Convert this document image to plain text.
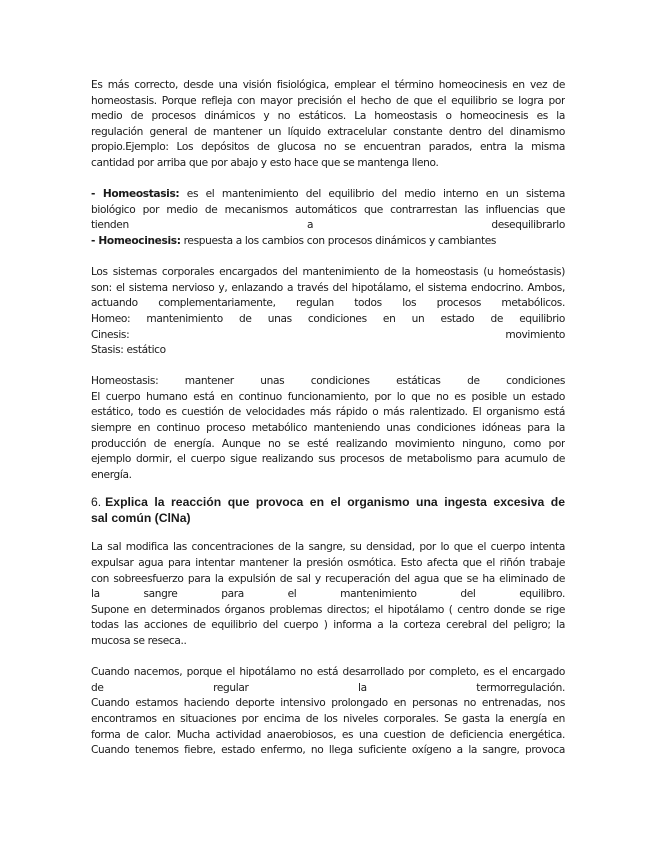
Es más correcto, desde una visión fisiológica, emplear el término homeocinesis en vez de
homeostasis. Porque refleja con mayor precisión el hecho de que el equilibrio se logra por
medio de procesos dinámicos y no estáticos. La homeostasis o homeocinesis es la
regulación general de mantener un líquido extracelular constante dentro del dinamismo
propio.Ejemplo: Los depósitos de glucosa no se encuentran parados, entra la misma
cantidad por arriba que por abajo y esto hace que se mantenga lleno.
- Homeostasis: es el mantenimiento del equilibrio del medio interno en un sistema
biológico por medio de mecanismos automáticos que contrarrestan las influencias que
tienden a desequilibrarlo
- Homeocinesis: respuesta a los cambios con procesos dinámicos y cambiantes
Los sistemas corporales encargados del mantenimiento de la homeostasis (u homeóstasis)
son: el sistema nervioso y, enlazando a través del hipotálamo, el sistema endocrino. Ambos,
actuando complementariamente, regulan todos los procesos metabólicos.
Homeo: mantenimiento de unas condiciones en un estado de equilibrio
Cinesis: movimiento
Stasis: estático
Homeostasis: mantener unas condiciones estáticas de condiciones
El cuerpo humano está en continuo funcionamiento, por lo que no es posible un estado
estático, todo es cuestión de velocidades más rápido o más ralentizado. El organismo está
siempre en continuo proceso metabólico manteniendo unas condiciones idóneas para la
producción de energía. Aunque no se esté realizando movimiento ninguno, como por
ejemplo dormir, el cuerpo sigue realizando sus procesos de metabolismo para acumulo de
energía.
6. Explica la reacción que provoca en el organismo una ingesta excesiva de
sal común (ClNa)
La sal modifica las concentraciones de la sangre, su densidad, por lo que el cuerpo intenta
expulsar agua para intentar mantener la presión osmótica. Esto afecta que el riñón trabaje
con sobreesfuerzo para la expulsión de sal y recuperación del agua que se ha eliminado de
la sangre para el mantenimiento del equilibro.
Supone en determinados órganos problemas directos; el hipotálamo ( centro donde se rige
todas las acciones de equilibrio del cuerpo ) informa a la corteza cerebral del peligro; la
mucosa se reseca..
Cuando nacemos, porque el hipotálamo no está desarrollado por completo, es el encargado
de regular la termorregulación.
Cuando estamos haciendo deporte intensivo prolongado en personas no entrenadas, nos
encontramos en situaciones por encima de los niveles corporales. Se gasta la energía en
forma de calor. Mucha actividad anaerobiosos, es una cuestion de deficiencia energética.
Cuando tenemos fiebre, estado enfermo, no llega suficiente oxígeno a la sangre, provoca
